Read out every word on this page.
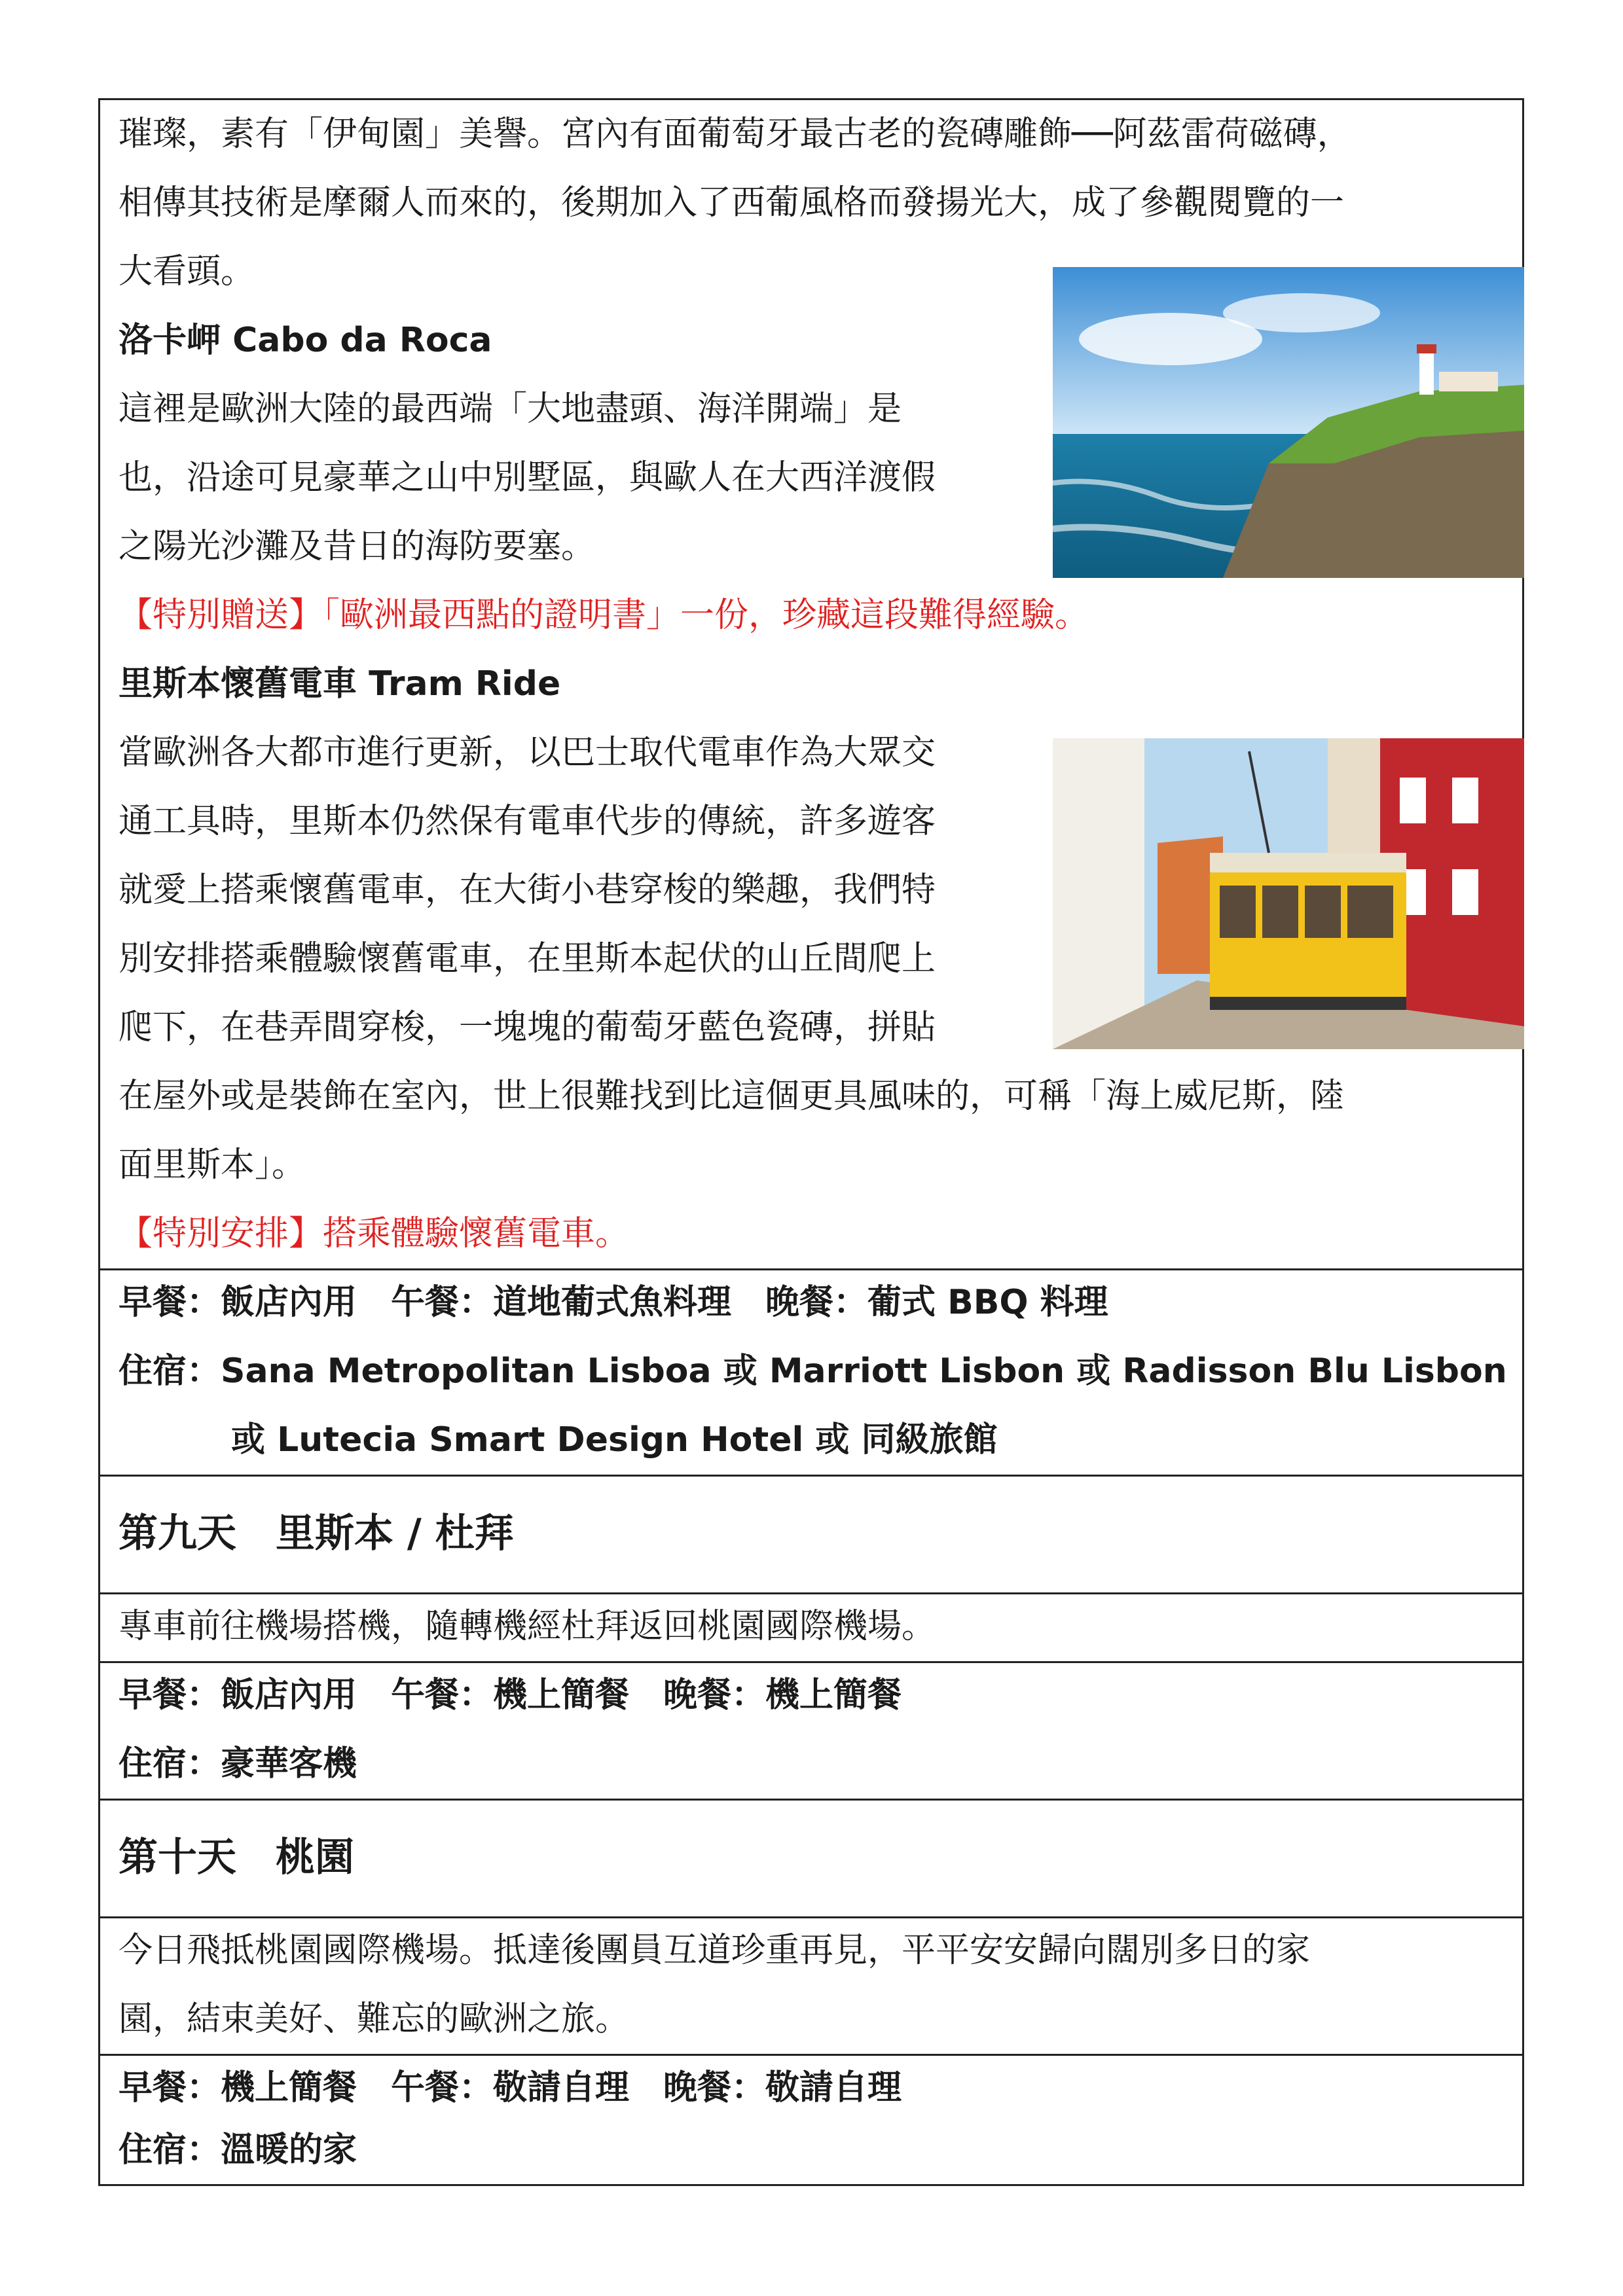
璀璨，素有「伊甸園」美譽。宮內有面葡萄牙最古老的瓷磚雕飾──阿茲雷荷磁磚，
相傳其技術是摩爾人而來的，後期加入了西葡風格而發揚光大，成了參觀閱覽的一
大看頭。
洛卡岬 Cabo da Roca
這裡是歐洲大陸的最西端「大地盡頭、海洋開端」是
也，沿途可見豪華之山中別墅區，與歐人在大西洋渡假
之陽光沙灘及昔日的海防要塞。
【特別贈送】「歐洲最西點的證明書」一份，珍藏這段難得經驗。
里斯本懷舊電車 Tram Ride
當歐洲各大都市進行更新，以巴士取代電車作為大眾交
通工具時，里斯本仍然保有電車代步的傳統，許多遊客
就愛上搭乘懷舊電車，在大街小巷穿梭的樂趣，我們特
別安排搭乘體驗懷舊電車，在里斯本起伏的山丘間爬上
爬下，在巷弄間穿梭，一塊塊的葡萄牙藍色瓷磚，拼貼
在屋外或是裝飾在室內，世上很難找到比這個更具風味的，可稱「海上威尼斯，陸
面里斯本」。
【特別安排】搭乘體驗懷舊電車。
早餐：飯店內用　午餐：道地葡式魚料理　晚餐：葡式 BBQ 料理
住宿：Sana Metropolitan Lisboa 或 Marriott Lisbon 或 Radisson Blu Lisbon
或 Lutecia Smart Design Hotel 或 同級旅館
第九天　里斯本 / 杜拜
專車前往機場搭機，隨轉機經杜拜返回桃園國際機場。
早餐：飯店內用　午餐：機上簡餐　晚餐：機上簡餐
住宿：豪華客機
第十天　桃園
今日飛抵桃園國際機場。抵達後團員互道珍重再見，平平安安歸向闊別多日的家
園，結束美好、難忘的歐洲之旅。
早餐：機上簡餐　午餐：敬請自理　晚餐：敬請自理
住宿：溫暖的家
